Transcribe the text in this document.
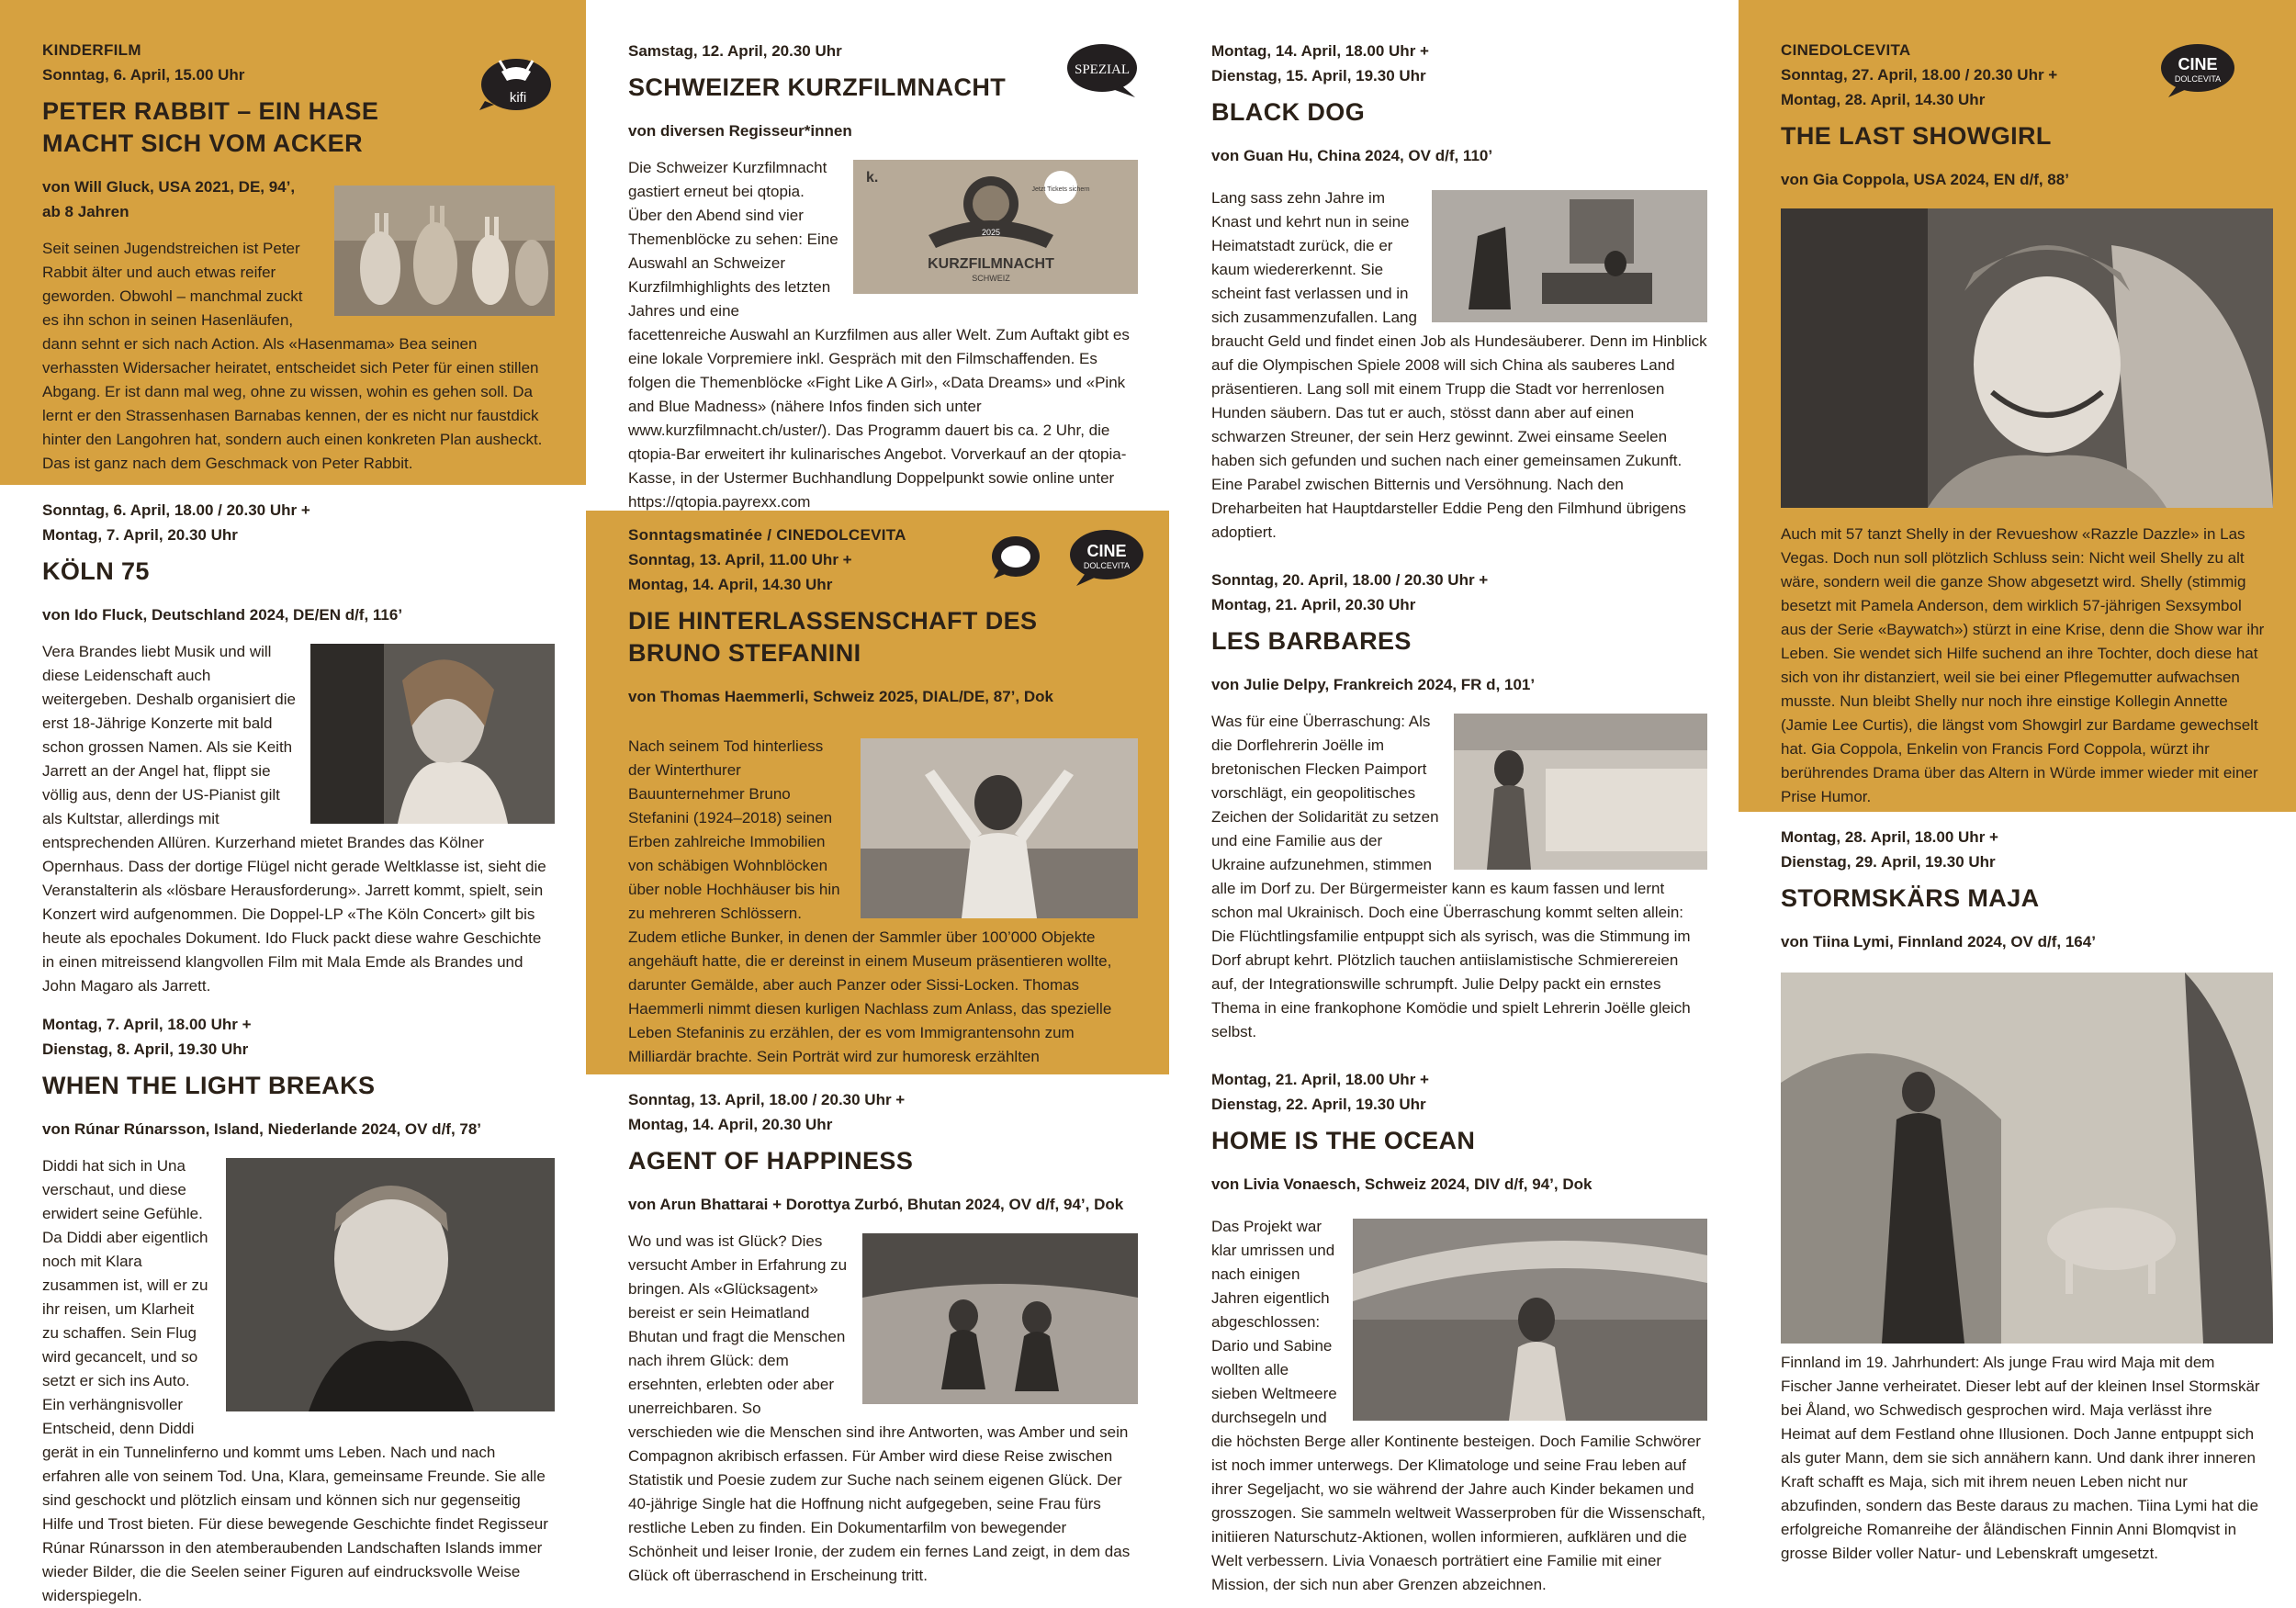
kifi
KINDERFILM
Sonntag, 6. April, 15.00 Uhr
PETER RABBIT – EIN HASE MACHT SICH VOM ACKER
von Will Gluck, USA 2021, DE, 94’, ab 8 Jahren
Seit seinen Jugendstreichen ist Peter Rabbit älter und auch etwas reifer geworden. Obwohl – manchmal zuckt es ihn schon in seinen Hasenläufen, dann sehnt er sich nach Action. Als «Hasenmama» Bea seinen verhassten Widersacher heiratet, entscheidet sich Peter für einen stillen Abgang. Er ist dann mal weg, ohne zu wissen, wohin es gehen soll. Da lernt er den Strassenhasen Barnabas kennen, der es nicht nur faustdick hinter den Langohren hat, sondern auch einen konkreten Plan ausheckt. Das ist ganz nach dem Geschmack von Peter Rabbit.
Sonntag, 6. April, 18.00 / 20.30 Uhr +
Montag, 7. April, 20.30 Uhr
KÖLN 75
von Ido Fluck, Deutschland 2024, DE/EN d/f, 116’
Vera Brandes liebt Musik und will diese Leidenschaft auch weitergeben. Deshalb organisiert die erst 18-Jährige Konzerte mit bald schon grossen Namen. Als sie Keith Jarrett an der Angel hat, flippt sie völlig aus, denn der US-Pianist gilt als Kultstar, allerdings mit entsprechenden Allüren. Kurzerhand mietet Brandes das Kölner Opernhaus. Dass der dortige Flügel nicht gerade Weltklasse ist, sieht die Veranstalterin als «lösbare Herausforderung». Jarrett kommt, spielt, sein Konzert wird aufgenommen. Die Doppel-LP «The Köln Concert» gilt bis heute als epochales Dokument. Ido Fluck packt diese wahre Geschichte in einen mitreissend klangvollen Film mit Mala Emde als Brandes und John Magaro als Jarrett.
Montag, 7. April, 18.00 Uhr +
Dienstag, 8. April, 19.30 Uhr
WHEN THE LIGHT BREAKS
von Rúnar Rúnarsson, Island, Niederlande 2024, OV d/f, 78’
Diddi hat sich in Una verschaut, und diese erwidert seine Gefühle. Da Diddi aber eigentlich noch mit Klara zusammen ist, will er zu ihr reisen, um Klarheit zu schaffen. Sein Flug wird gecancelt, und so setzt er sich ins Auto. Ein verhängnisvoller Entscheid, denn Diddi gerät in ein Tunnelinferno und kommt ums Leben. Nach und nach erfahren alle von seinem Tod. Una, Klara, gemeinsame Freunde. Sie alle sind geschockt und plötzlich einsam und können sich nur gegenseitig Hilfe und Trost bieten. Für diese bewegende Geschichte findet Regisseur Rúnar Rúnarsson in den atemberaubenden Landschaften Islands immer wieder Bilder, die die Seelen seiner Figuren auf eindrucksvolle Weise widerspiegeln.
SPEZIAL
Samstag, 12. April, 20.30 Uhr
SCHWEIZER KURZFILMNACHT
von diversen Regisseur*innen
k.
Jetzt Tickets sichern
2025
KURZFILMNACHT
SCHWEIZ
Die Schweizer Kurzfilmnacht gastiert erneut bei qtopia. Über den Abend sind vier Themenblöcke zu sehen: Eine Auswahl an Schweizer Kurzfilmhighlights des letzten Jahres und eine facettenreiche Auswahl an Kurzfilmen aus aller Welt. Zum Auftakt gibt es eine lokale Vorpremiere inkl. Gespräch mit den Filmschaffenden. Es folgen die Themenblöcke «Fight Like A Girl», «Data Dreams» und «Pink and Blue Madness» (nähere Infos finden sich unter www.kurzfilmnacht.ch/uster/). Das Programm dauert bis ca. 2 Uhr, die qtopia-Bar erweitert ihr kulinarisches Angebot. Vorverkauf an der qtopia-Kasse, in der Ustermer Buchhandlung Doppelpunkt sowie online unter https://qtopia.payrexx.com
CINE
DOLCEVITA
Sonntagsmatinée / CINEDOLCEVITA
Sonntag, 13. April, 11.00 Uhr +
Montag, 14. April, 14.30 Uhr
DIE HINTERLASSENSCHAFT DES BRUNO STEFANINI
von Thomas Haemmerli, Schweiz 2025, DIAL/DE, 87’, Dok
Nach seinem Tod hinterliess der Winterthurer Bauunternehmer Bruno Stefanini (1924–2018) seinen Erben zahlreiche Immobilien von schäbigen Wohnblöcken über noble Hochhäuser bis hin zu mehreren Schlössern. Zudem etliche Bunker, in denen der Sammler über 100’000 Objekte angehäuft hatte, die er dereinst in einem Museum präsentieren wollte, darunter Gemälde, aber auch Panzer oder Sissi-Locken. Thomas Haemmerli nimmt diesen kurligen Nachlass zum Anlass, das spezielle Leben Stefaninis zu erzählen, der es vom Immigrantensohn zum Milliardär brachte. Sein Porträt wird zur humoresk erzählten
Sonntag, 13. April, 18.00 / 20.30 Uhr +
Montag, 14. April, 20.30 Uhr
AGENT OF HAPPINESS
von Arun Bhattarai + Dorottya Zurbó, Bhutan 2024, OV d/f, 94’, Dok
Wo und was ist Glück? Dies versucht Amber in Erfahrung zu bringen. Als «Glücksagent» bereist er sein Heimatland Bhutan und fragt die Menschen nach ihrem Glück: dem ersehnten, erlebten oder aber unerreichbaren. So verschieden wie die Menschen sind ihre Antworten, was Amber und sein Compagnon akribisch erfassen. Für Amber wird diese Reise zwischen Statistik und Poesie zudem zur Suche nach seinem eigenen Glück. Der 40-jährige Single hat die Hoffnung nicht aufgegeben, seine Frau fürs restliche Leben zu finden. Ein Dokumentarfilm von bewegender Schönheit und leiser Ironie, der zudem ein fernes Land zeigt, in dem das Glück oft überraschend in Erscheinung tritt.
Montag, 14. April, 18.00 Uhr +
Dienstag, 15. April, 19.30 Uhr
BLACK DOG
von Guan Hu, China 2024, OV d/f, 110’
Lang sass zehn Jahre im Knast und kehrt nun in seine Heimatstadt zurück, die er kaum wiedererkennt. Sie scheint fast verlassen und in sich zusammenzufallen. Lang braucht Geld und findet einen Job als Hundesäuberer. Denn im Hinblick auf die Olympischen Spiele 2008 will sich China als sauberes Land präsentieren. Lang soll mit einem Trupp die Stadt vor herrenlosen Hunden säubern. Das tut er auch, stösst dann aber auf einen schwarzen Streuner, der sein Herz gewinnt. Zwei einsame Seelen haben sich gefunden und suchen nach einer gemeinsamen Zukunft. Eine Parabel zwischen Bitternis und Versöhnung. Nach den Dreharbeiten hat Hauptdarsteller Eddie Peng den Filmhund übrigens adoptiert.
Sonntag, 20. April, 18.00 / 20.30 Uhr +
Montag, 21. April, 20.30 Uhr
LES BARBARES
von Julie Delpy, Frankreich 2024, FR d, 101’
Was für eine Überraschung: Als die Dorflehrerin Joëlle im bretonischen Flecken Paimport vorschlägt, ein geopolitisches Zeichen der Solidarität zu setzen und eine Familie aus der Ukraine aufzunehmen, stimmen alle im Dorf zu. Der Bürgermeister kann es kaum fassen und lernt schon mal Ukrainisch. Doch eine Überraschung kommt selten allein: Die Flüchtlingsfamilie entpuppt sich als syrisch, was die Stimmung im Dorf abrupt kehrt. Plötzlich tauchen antiislamistische Schmierereien auf, der Integrationswille schrumpft. Julie Delpy packt ein ernstes Thema in eine frankophone Komödie und spielt Lehrerin Joëlle gleich selbst.
Montag, 21. April, 18.00 Uhr +
Dienstag, 22. April, 19.30 Uhr
HOME IS THE OCEAN
von Livia Vonaesch, Schweiz 2024, DIV d/f, 94’, Dok
Das Projekt war klar umrissen und nach einigen Jahren eigentlich abgeschlossen: Dario und Sabine wollten alle sieben Weltmeere durchsegeln und die höchsten Berge aller Kontinente besteigen. Doch Familie Schwörer ist noch immer unterwegs. Der Klimatologe und seine Frau leben auf ihrer Segeljacht, wo sie während der Jahre auch Kinder bekamen und grosszogen. Sie sammeln weltweit Wasserproben für die Wissenschaft, initiieren Naturschutz-Aktionen, wollen informieren, aufklären und die Welt verbessern. Livia Vonaesch porträtiert eine Familie mit einer Mission, der sich nun aber Grenzen abzeichnen.
CINE
DOLCEVITA
CINEDOLCEVITA
Sonntag, 27. April, 18.00 / 20.30 Uhr +
Montag, 28. April, 14.30 Uhr
THE LAST SHOWGIRL
von Gia Coppola, USA 2024, EN d/f, 88’
Auch mit 57 tanzt Shelly in der Revueshow «Razzle Dazzle» in Las Vegas. Doch nun soll plötzlich Schluss sein: Nicht weil Shelly zu alt wäre, sondern weil die ganze Show abgesetzt wird. Shelly (stimmig besetzt mit Pamela Anderson, dem wirklich 57-jährigen Sexsymbol aus der Serie «Baywatch») stürzt in eine Krise, denn die Show war ihr Leben. Sie wendet sich Hilfe suchend an ihre Tochter, doch diese hat sich von ihr distanziert, weil sie bei einer Pflegemutter aufwachsen musste. Nun bleibt Shelly nur noch ihre einstige Kollegin Annette (Jamie Lee Curtis), die längst vom Showgirl zur Bardame gewechselt hat. Gia Coppola, Enkelin von Francis Ford Coppola, würzt ihr berührendes Drama über das Altern in Würde immer wieder mit einer Prise Humor.
Montag, 28. April, 18.00 Uhr +
Dienstag, 29. April, 19.30 Uhr
STORMSKÄRS MAJA
von Tiina Lymi, Finnland 2024, OV d/f, 164’
Finnland im 19. Jahrhundert: Als junge Frau wird Maja mit dem Fischer Janne verheiratet. Dieser lebt auf der kleinen Insel Stormskär bei Åland, wo Schwedisch gesprochen wird. Maja verlässt ihre Heimat auf dem Festland ohne Illusionen. Doch Janne entpuppt sich als guter Mann, dem sie sich annähern kann. Und dank ihrer inneren Kraft schafft es Maja, sich mit ihrem neuen Leben nicht nur abzufinden, sondern das Beste daraus zu machen. Tiina Lymi hat die erfolgreiche Romanreihe der åländischen Finnin Anni Blomqvist in grosse Bilder voller Natur- und Lebenskraft umgesetzt.
